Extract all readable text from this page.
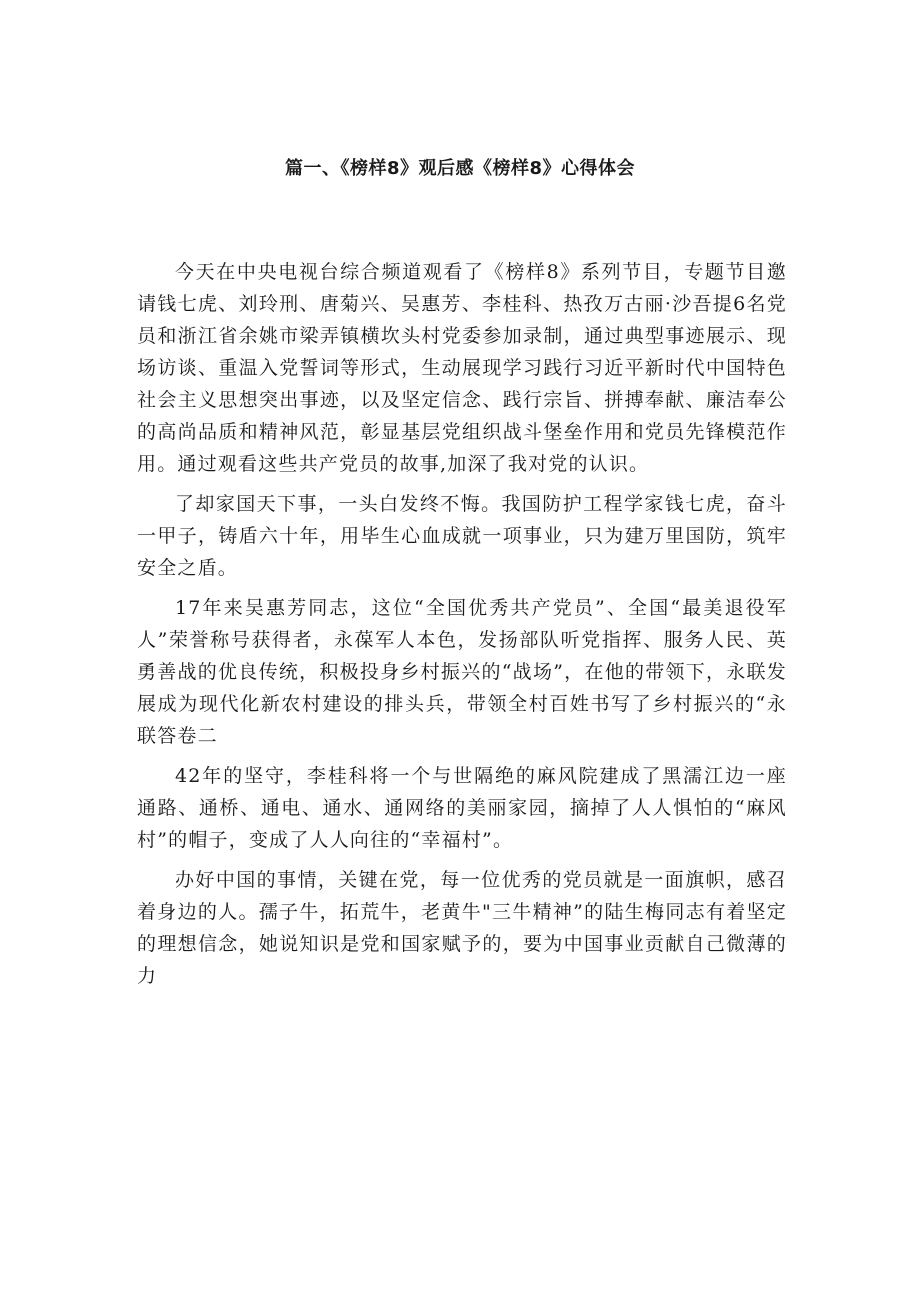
篇一、《榜样8》观后感《榜样8》心得体会

今天在中央电视台综合频道观看了《榜样8》系列节目，专题节目邀请钱七虎、刘玲刑、唐菊兴、吴惠芳、李桂科、热孜万古丽·沙吾提6名党员和浙江省余姚市梁弄镇横坎头村党委参加录制，通过典型事迹展示、现场访谈、重温入党誓词等形式，生动展现学习践行习近平新时代中国特色社会主义思想突出事迹，以及坚定信念、践行宗旨、拼搏奉献、廉洁奉公的高尚品质和精神风范，彰显基层党组织战斗堡垒作用和党员先锋模范作用。通过观看这些共产党员的故事,加深了我对党的认识。

了却家国天下事，一头白发终不悔。我国防护工程学家钱七虎，奋斗一甲子，铸盾六十年，用毕生心血成就一项事业，只为建万里国防，筑牢安全之盾。

17年来吴惠芳同志，这位“全国优秀共产党员”、全国“最美退役军人”荣誉称号获得者，永葆军人本色，发扬部队听党指挥、服务人民、英勇善战的优良传统，积极投身乡村振兴的“战场”，在他的带领下，永联发展成为现代化新农村建设的排头兵，带领全村百姓书写了乡村振兴的“永联答卷二

42年的坚守，李桂科将一个与世隔绝的麻风院建成了黑濡江边一座通路、通桥、通电、通水、通网络的美丽家园，摘掉了人人惧怕的“麻风村”的帽子，变成了人人向往的“幸福村”。

办好中国的事情，关键在党，每一位优秀的党员就是一面旗帜，感召着身边的人。孺子牛，拓荒牛，老黄牛"三牛精神”的陆生梅同志有着坚定的理想信念，她说知识是党和国家赋予的，要为中国事业贡献自己微薄的力
